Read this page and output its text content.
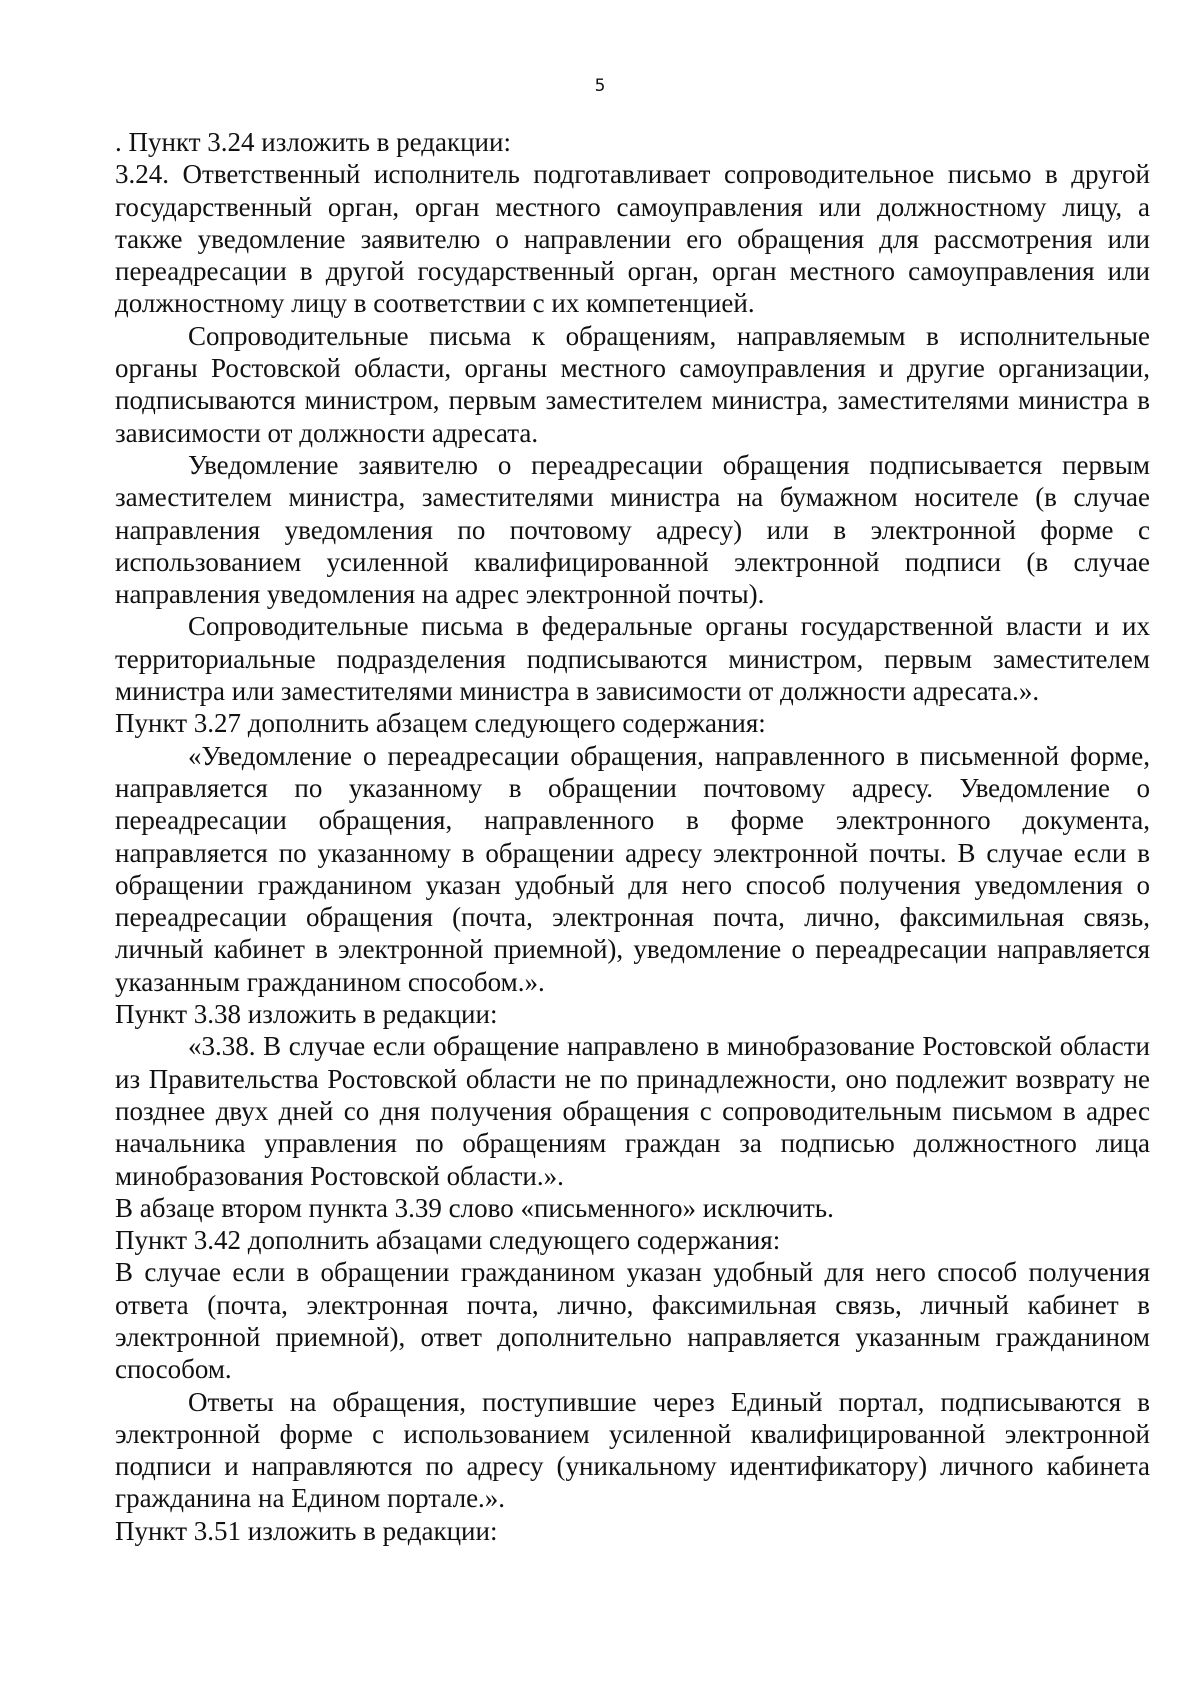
5

. Пункт 3.24 изложить в редакции:

3.24. Ответственный исполнитель подготавливает сопроводительное письмо в другой государственный орган, орган местного самоуправления или должностному лицу, а также уведомление заявителю о направлении его обращения для рассмотрения или переадресации в другой государственный орган, орган местного самоуправления или должностному лицу в соответствии с их компетенцией.

Сопроводительные письма к обращениям, направляемым в исполнительные органы Ростовской области, органы местного самоуправления и другие организации, подписываются министром, первым заместителем министра, заместителями министра в зависимости от должности адресата.

Уведомление заявителю о переадресации обращения подписывается первым заместителем министра, заместителями министра на бумажном носителе (в случае направления уведомления по почтовому адресу) или в электронной форме с использованием усиленной квалифицированной электронной подписи (в случае направления уведомления на адрес электронной почты).

Сопроводительные письма в федеральные органы государственной власти и их территориальные подразделения подписываются министром, первым заместителем министра или заместителями министра в зависимости от должности адресата.».

Пункт 3.27 дополнить абзацем следующего содержания:

«Уведомление о переадресации обращения, направленного в письменной форме, направляется по указанному в обращении почтовому адресу. Уведомление о переадресации обращения, направленного в форме электронного документа, направляется по указанному в обращении адресу электронной почты. В случае если в обращении гражданином указан удобный для него способ получения уведомления о переадресации обращения (почта, электронная почта, лично, факсимильная связь, личный кабинет в электронной приемной), уведомление о переадресации направляется указанным гражданином способом.».

Пункт 3.38 изложить в редакции:

«3.38. В случае если обращение направлено в минобразование Ростовской области из Правительства Ростовской области не по принадлежности, оно подлежит возврату не позднее двух дней со дня получения обращения с сопроводительным письмом в адрес начальника управления по обращениям граждан за подписью должностного лица минобразования Ростовской области.».

В абзаце втором пункта 3.39 слово «письменного» исключить.

Пункт 3.42 дополнить абзацами следующего содержания:

В случае если в обращении гражданином указан удобный для него способ получения ответа (почта, электронная почта, лично, факсимильная связь, личный кабинет в электронной приемной), ответ дополнительно направляется указанным гражданином способом.

Ответы на обращения, поступившие через Единый портал, подписываются в электронной форме с использованием усиленной квалифицированной электронной подписи и направляются по адресу (уникальному идентификатору) личного кабинета гражданина на Едином портале.».

Пункт 3.51 изложить в редакции:
